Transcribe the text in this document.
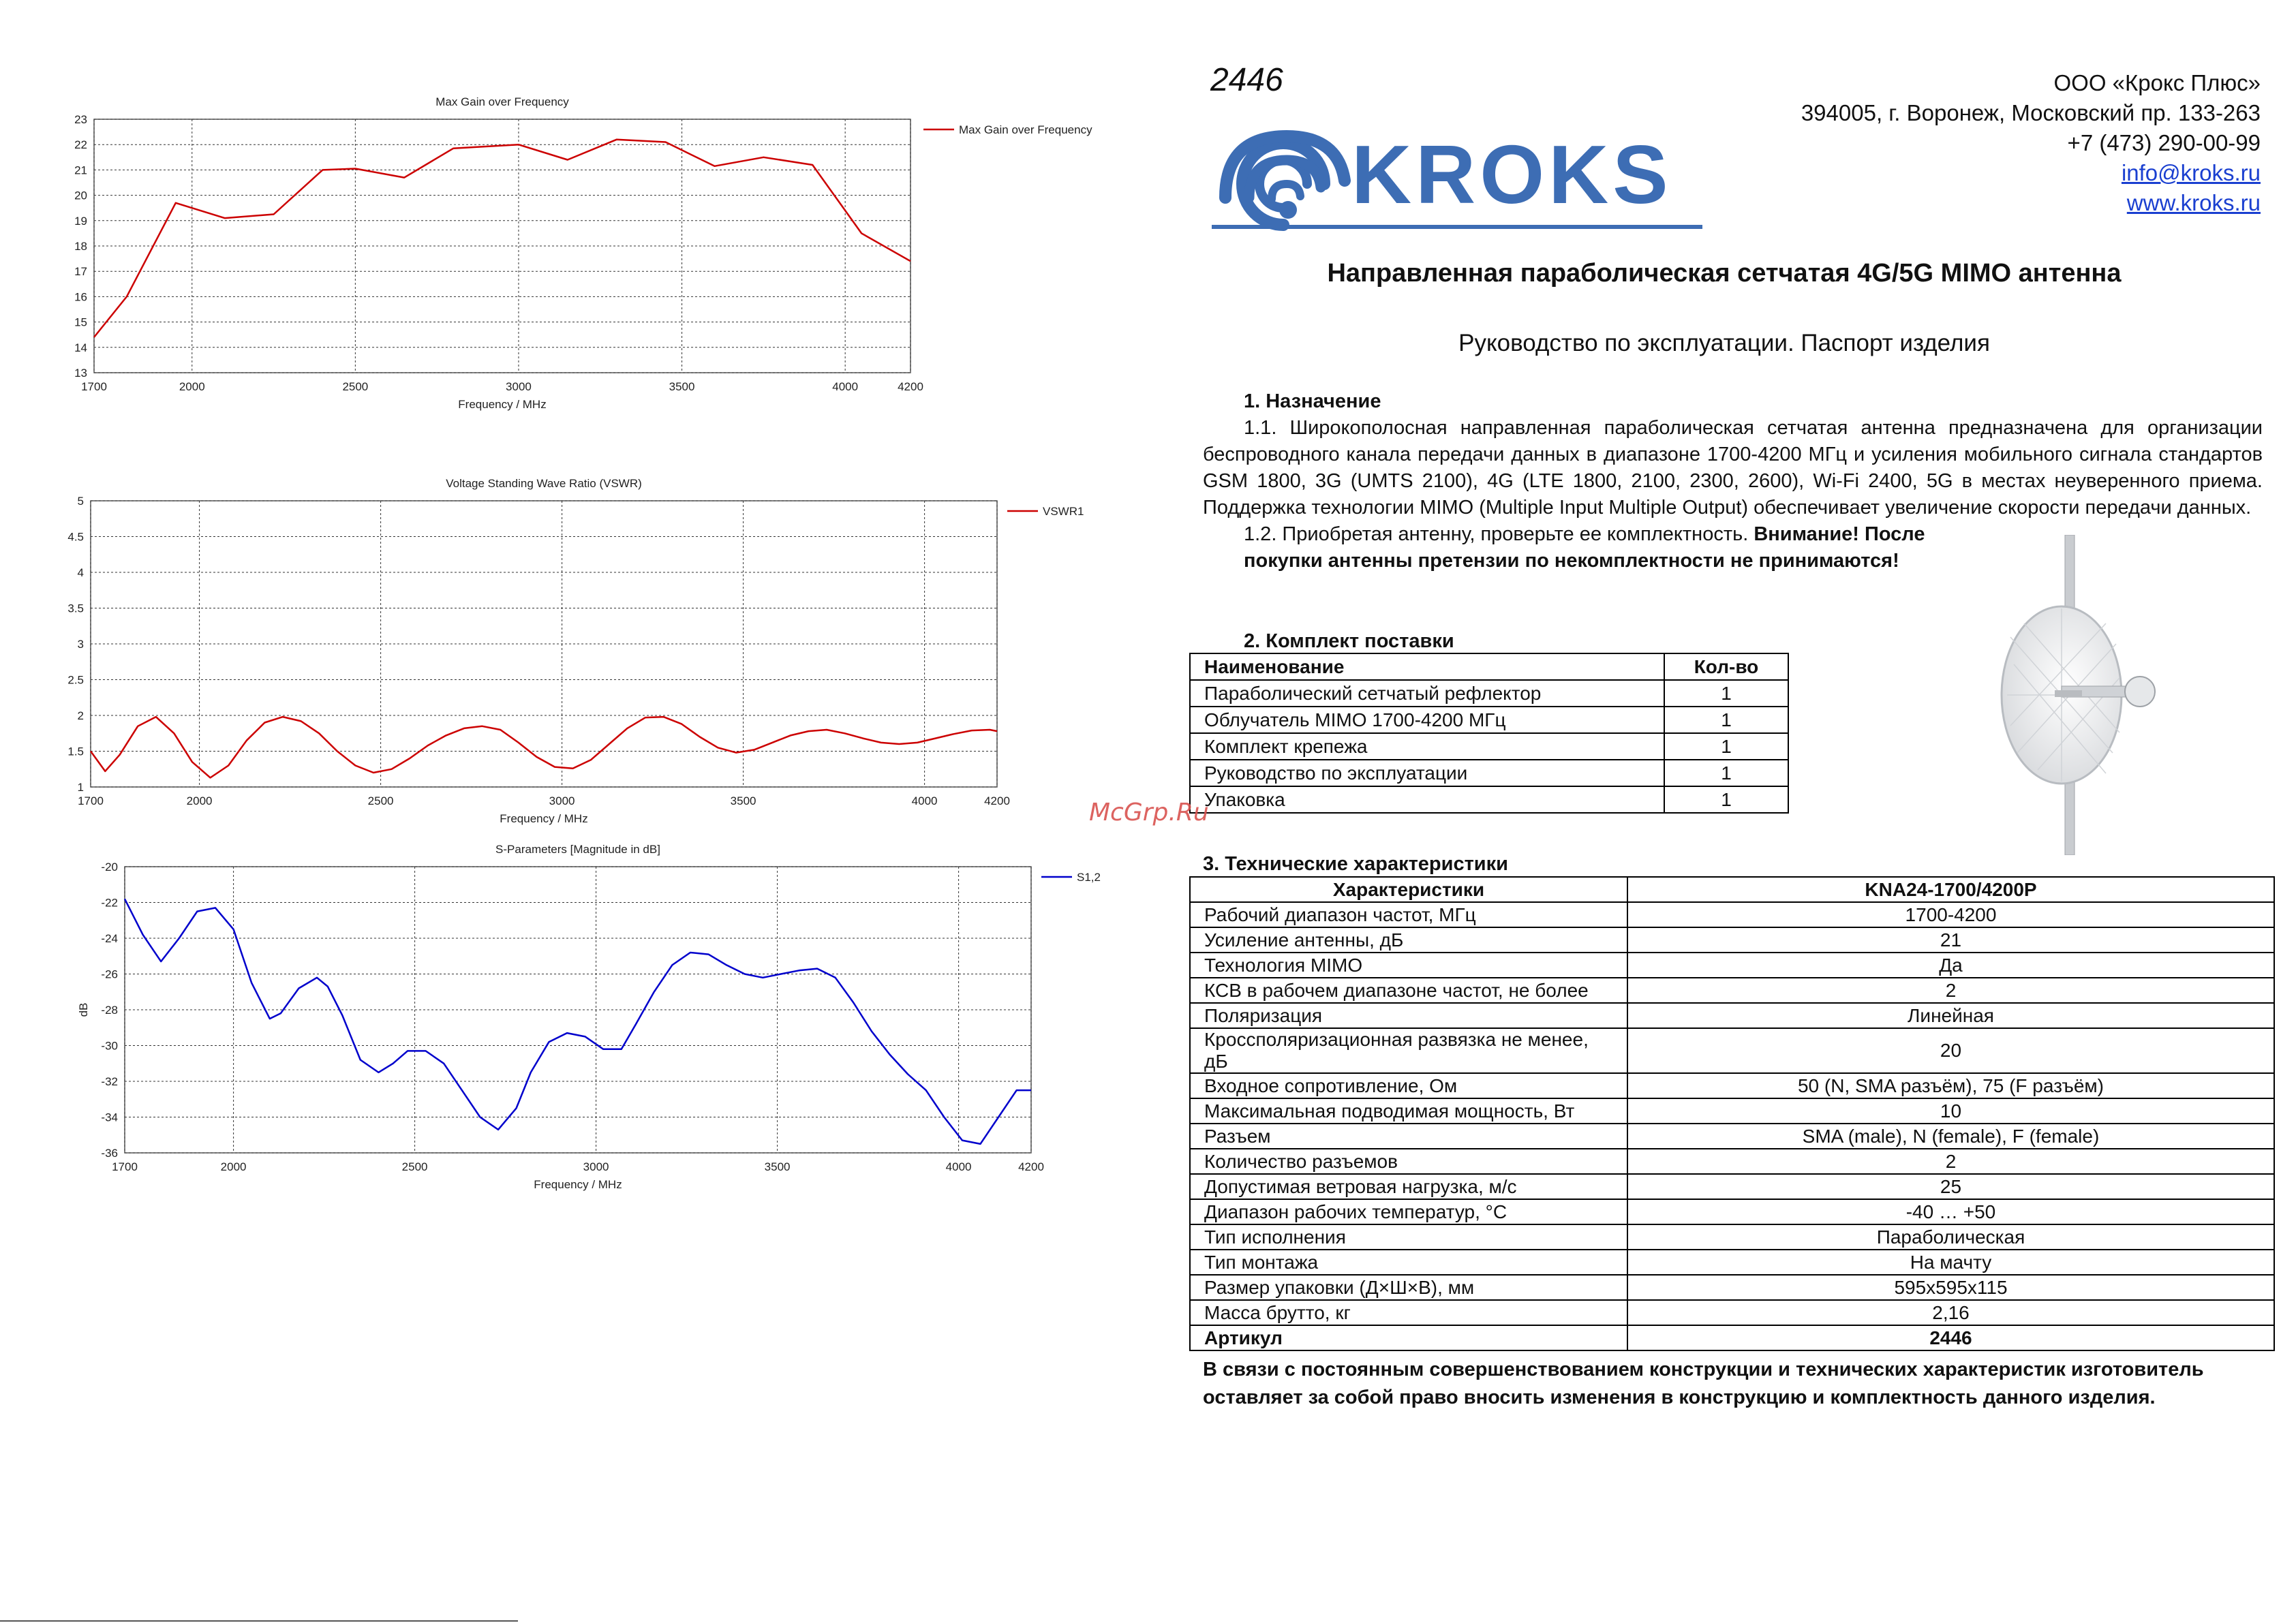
Max Gain over Frequency
13
14
15
16
17
18
19
20
21
22
23
1700	2000	2500	3000	3500	4000	4200
Frequency / MHz
Max Gain over Frequency
Voltage Standing Wave Ratio (VSWR)
1
1.5
2
2.5
3
3.5
4
4.5
5
1700	2000	2500	3000	3500	4000	4200
Frequency / MHz
VSWR1
S-Parameters [Magnitude in dB]
-36
-34
-32
-30
-28
-26
-24
-22
-20
1700	2000	2500	3000	3500	4000	4200
Frequency / MHz
dB
S1,2
2446
KROKS
ООО «Крокс Плюс»
394005, г. Воронеж, Московский пр. 133-263
+7 (473) 290-00-99
info@kroks.ru
www.kroks.ru
Направленная параболическая сетчатая 4G/5G MIMO антенна
Руководство по эксплуатации. Паспорт изделия
1. Назначение
1.1. Широкополосная направленная параболическая сетчатая антенна предназначена для организации беспроводного канала передачи данных в диапазоне 1700-4200 МГц и усиления мобильного сигнала стандартов GSM 1800, 3G (UMTS 2100), 4G (LTE 1800, 2100, 2300, 2600), Wi-Fi 2400, 5G в местах неуверенного приема. Поддержка технологии MIMO (Multiple Input Multiple Output) обеспечивает увеличение скорости передачи данных.
1.2. Приобретая антенну, проверьте ее комплектность. Внимание! После покупки антенны претензии по некомплектности не принимаются!
2. Комплект поставки
Наименование	Кол-во
Параболический сетчатый рефлектор	1
Облучатель MIMO 1700-4200 МГц	1
Комплект крепежа	1
Руководство по эксплуатации	1
Упаковка	1
McGrp.Ru
3. Технические характеристики
Характеристики	KNA24-1700/4200P
Рабочий диапазон частот, МГц	1700-4200
Усиление антенны, дБ	21
Технология MIMO	Да
КСВ в рабочем диапазоне частот, не более	2
Поляризация	Линейная
Кроссполяризационная развязка не менее, дБ	20
Входное сопротивление, Ом	50 (N, SMA разъём), 75 (F разъём)
Максимальная подводимая мощность, Вт	10
Разъем	SMA (male), N (female), F (female)
Количество разъемов	2
Допустимая ветровая нагрузка, м/с	25
Диапазон рабочих температур, °C	-40 … +50
Тип исполнения	Параболическая
Тип монтажа	На мачту
Размер упаковки (Д×Ш×В), мм	595x595x115
Масса брутто, кг	2,16
Артикул	2446
В связи с постоянным совершенствованием конструкции и технических характеристик изготовитель оставляет за собой право вносить изменения в конструкцию и комплектность данного изделия.
